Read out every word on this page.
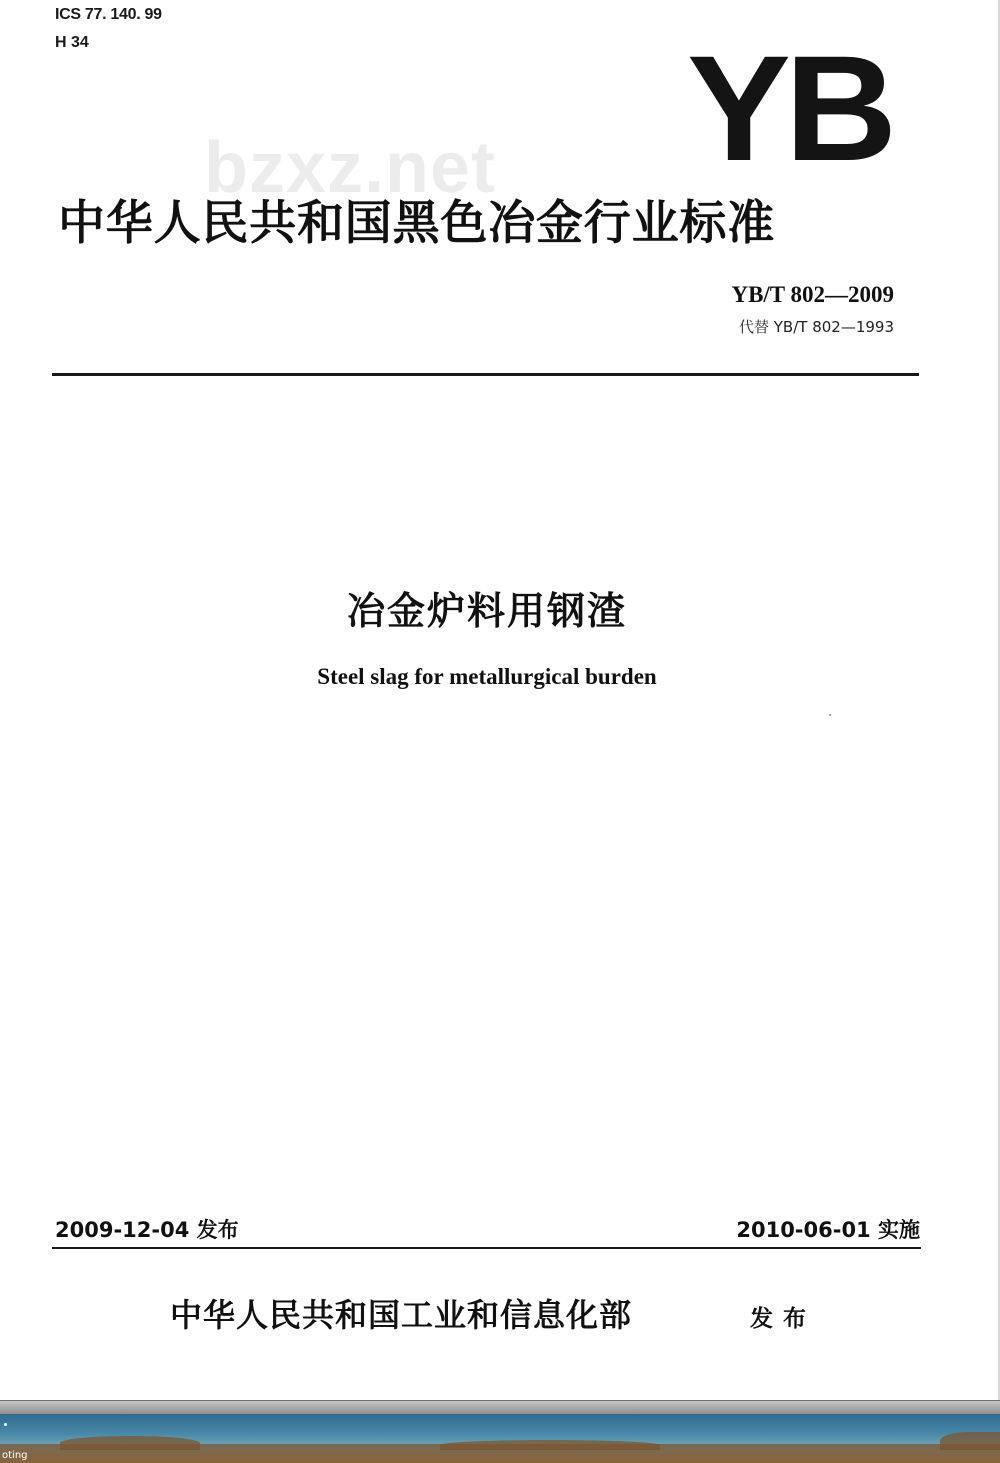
ICS 77. 140. 99
H 34	YB
bzxz.net
中华人民共和国黑色冶金行业标准
YB/T 802—2009
代替 YB/T 802—1993
冶金炉料用钢渣
Steel slag for metallurgical burden
2009-12-04 发布	2010-06-01 实施
中华人民共和国工业和信息化部	发布
oting
